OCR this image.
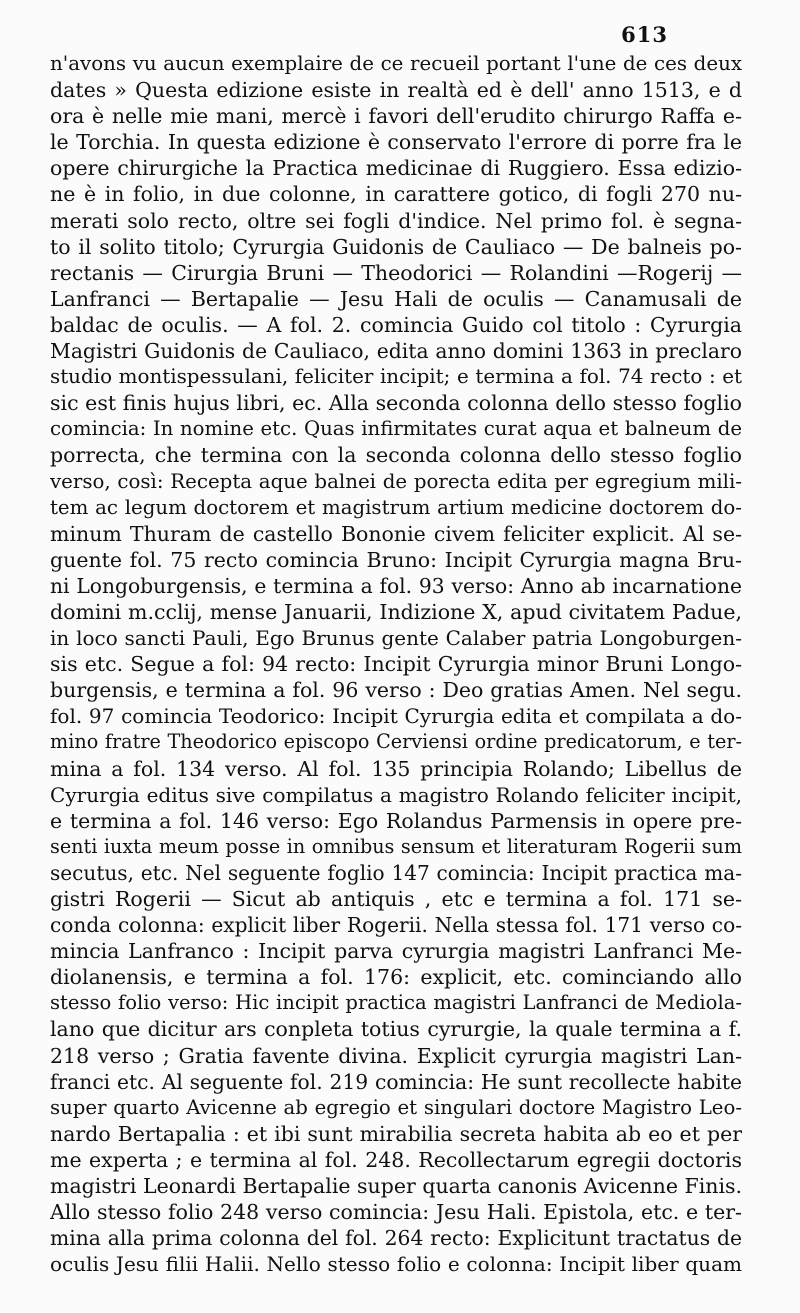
613
n'avons vu aucun exemplaire de ce recueil portant l'une de ces deux
dates » Questa edizione esiste in realtà ed è dell' anno 1513, e d
ora è nelle mie mani, mercè i favori dell'erudito chirurgo Raffa e-
le Torchia. In questa edizione è conservato l'errore di porre fra le
opere chirurgiche la Practica medicinae di Ruggiero. Essa edizio-
ne è in folio, in due colonne, in carattere gotico, di fogli 270 nu-
merati solo recto, oltre sei fogli d'indice. Nel primo fol. è segna-
to il solito titolo; Cyrurgia Guidonis de Cauliaco — De balneis po-
rectanis — Cirurgia Bruni — Theodorici — Rolandini —Rogerij —
Lanfranci — Bertapalie — Jesu Hali de oculis — Canamusali de
baldac de oculis. — A fol. 2. comincia Guido col titolo : Cyrurgia
Magistri Guidonis de Cauliaco, edita anno domini 1363 in preclaro
studio montispessulani, feliciter incipit; e termina a fol. 74 recto : et
sic est finis hujus libri, ec. Alla seconda colonna dello stesso foglio
comincia: In nomine etc. Quas infirmitates curat aqua et balneum de
porrecta, che termina con la seconda colonna dello stesso foglio
verso, così: Recepta aque balnei de porecta edita per egregium mili-
tem ac legum doctorem et magistrum artium medicine doctorem do-
minum Thuram de castello Bononie civem feliciter explicit. Al se-
guente fol. 75 recto comincia Bruno: Incipit Cyrurgia magna Bru-
ni Longoburgensis, e termina a fol. 93 verso: Anno ab incarnatione
domini m.cclij, mense Januarii, Indizione X, apud civitatem Padue,
in loco sancti Pauli, Ego Brunus gente Calaber patria Longoburgen-
sis etc. Segue a fol: 94 recto: Incipit Cyrurgia minor Bruni Longo-
burgensis, e termina a fol. 96 verso : Deo gratias Amen. Nel segu.
fol. 97 comincia Teodorico: Incipit Cyrurgia edita et compilata a do-
mino fratre Theodorico episcopo Cerviensi ordine predicatorum, e ter-
mina a fol. 134 verso. Al fol. 135 principia Rolando; Libellus de
Cyrurgia editus sive compilatus a magistro Rolando feliciter incipit,
e termina a fol. 146 verso: Ego Rolandus Parmensis in opere pre-
senti iuxta meum posse in omnibus sensum et literaturam Rogerii sum
secutus, etc. Nel seguente foglio 147 comincia: Incipit practica ma-
gistri Rogerii — Sicut ab antiquis , etc e termina a fol. 171 se-
conda colonna: explicit liber Rogerii. Nella stessa fol. 171 verso co-
mincia Lanfranco : Incipit parva cyrurgia magistri Lanfranci Me-
diolanensis, e termina a fol. 176: explicit, etc. cominciando allo
stesso folio verso: Hic incipit practica magistri Lanfranci de Mediola-
lano que dicitur ars conpleta totius cyrurgie, la quale termina a f.
218 verso ; Gratia favente divina. Explicit cyrurgia magistri Lan-
franci etc. Al seguente fol. 219 comincia: He sunt recollecte habite
super quarto Avicenne ab egregio et singulari doctore Magistro Leo-
nardo Bertapalia : et ibi sunt mirabilia secreta habita ab eo et per
me experta ; e termina al fol. 248. Recollectarum egregii doctoris
magistri Leonardi Bertapalie super quarta canonis Avicenne Finis.
Allo stesso folio 248 verso comincia: Jesu Hali. Epistola, etc. e ter-
mina alla prima colonna del fol. 264 recto: Explicitunt tractatus de
oculis Jesu filii Halii. Nello stesso folio e colonna: Incipit liber quam
